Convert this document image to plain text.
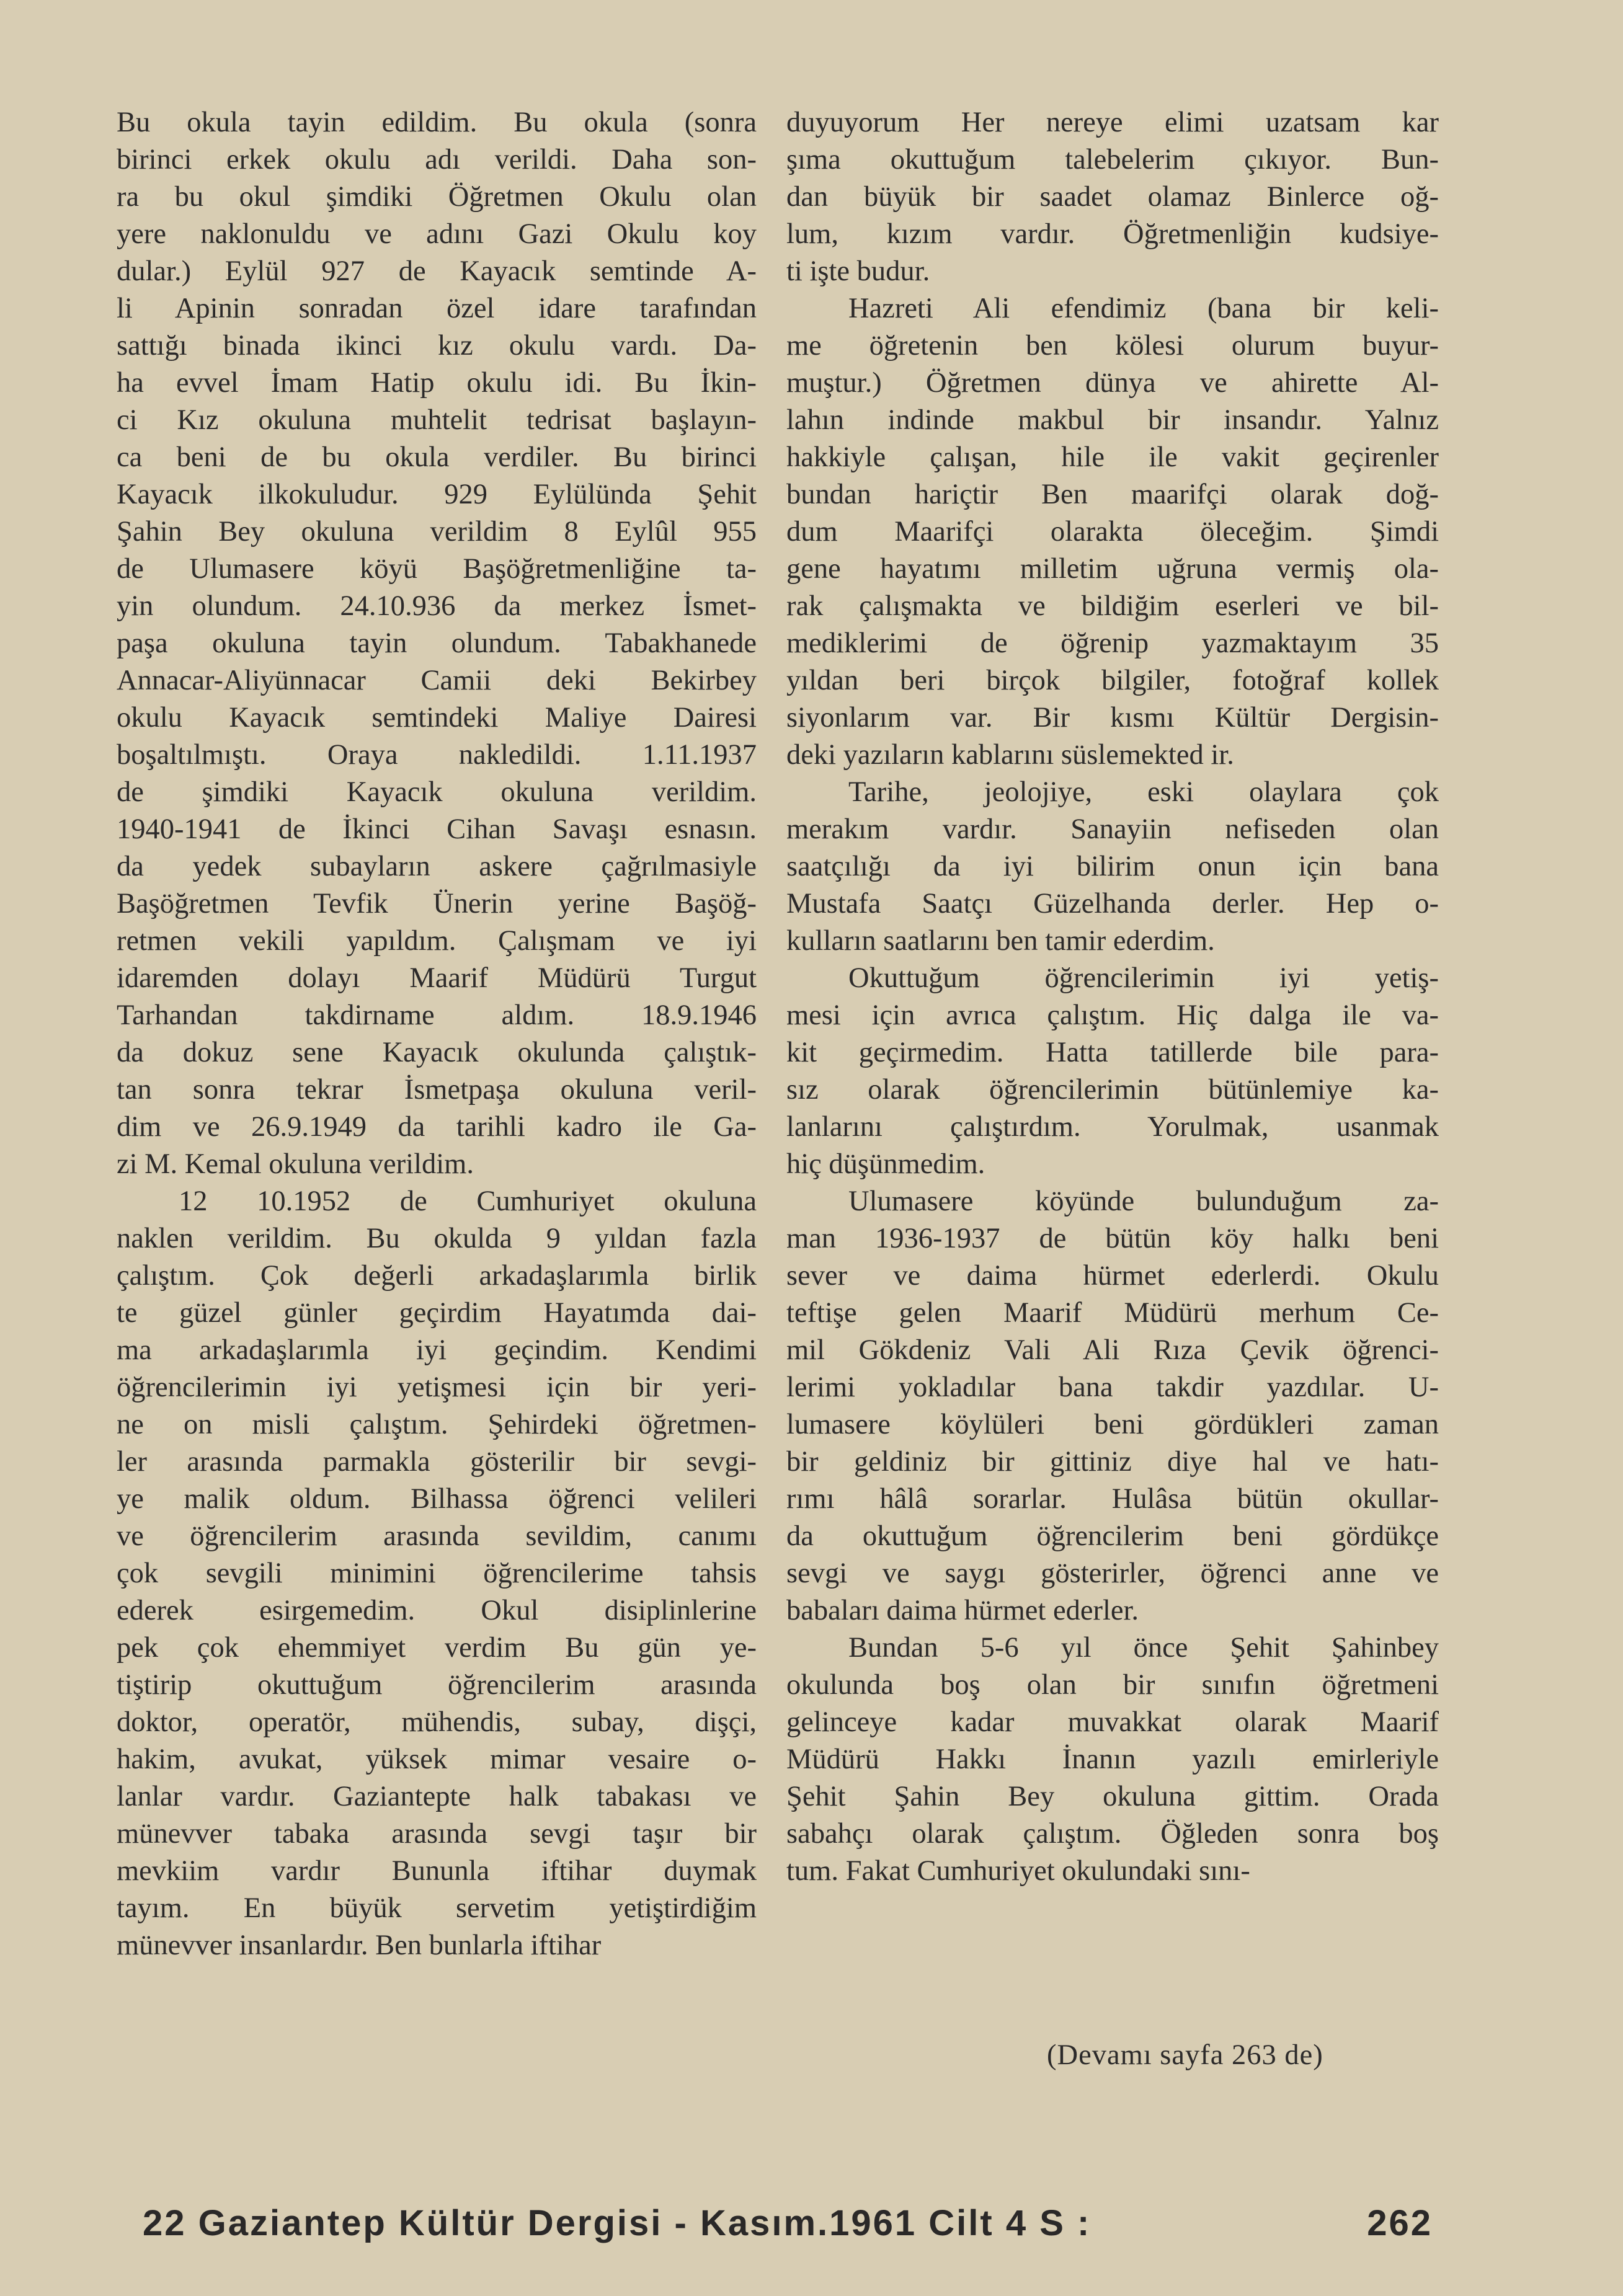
Bu okula tayin edildim. Bu okula (sonra
birinci erkek okulu adı verildi. Daha son-
ra bu okul şimdiki Öğretmen Okulu olan
yere naklonuldu ve adını Gazi Okulu koy
dular.) Eylül 927 de Kayacık semtinde A-
li Apinin sonradan özel idare tarafından
sattığı binada ikinci kız okulu vardı. Da-
ha evvel İmam Hatip okulu idi. Bu İkin-
ci Kız okuluna muhtelit tedrisat başlayın-
ca beni de bu okula verdiler. Bu birinci
Kayacık ilkokuludur. 929 Eylülünda Şehit
Şahin Bey okuluna verildim 8 Eylûl 955
de Ulumasere köyü Başöğretmenliğine ta-
yin olundum. 24.10.936 da merkez İsmet-
paşa okuluna tayin olundum. Tabakhanede
Annacar-Aliyünnacar Camii deki Bekirbey
okulu Kayacık semtindeki Maliye Dairesi
boşaltılmıştı. Oraya nakledildi. 1.11.1937
de şimdiki Kayacık okuluna verildim.
1940-1941 de İkinci Cihan Savaşı esnasın.
da yedek subayların askere çağrılmasiyle
Başöğretmen Tevfik Ünerin yerine Başöğ-
retmen vekili yapıldım. Çalışmam ve iyi
idaremden dolayı Maarif Müdürü Turgut
Tarhandan takdirname aldım. 18.9.1946
da dokuz sene Kayacık okulunda çalıştık-
tan sonra tekrar İsmetpaşa okuluna veril-
dim ve 26.9.1949 da tarihli kadro ile Ga-
zi M. Kemal okuluna verildim.
12 10.1952 de Cumhuriyet okuluna
naklen verildim. Bu okulda 9 yıldan fazla
çalıştım. Çok değerli arkadaşlarımla birlik
te güzel günler geçirdim Hayatımda dai-
ma arkadaşlarımla iyi geçindim. Kendimi
öğrencilerimin iyi yetişmesi için bir yeri-
ne on misli çalıştım. Şehirdeki öğretmen-
ler arasında parmakla gösterilir bir sevgi-
ye malik oldum. Bilhassa öğrenci velileri
ve öğrencilerim arasında sevildim, canımı
çok sevgili minimini öğrencilerime tahsis
ederek esirgemedim. Okul disiplinlerine
pek çok ehemmiyet verdim Bu gün ye-
tiştirip okuttuğum öğrencilerim arasında
doktor, operatör, mühendis, subay, dişçi,
hakim, avukat, yüksek mimar vesaire o-
lanlar vardır. Gaziantepte halk tabakası ve
münevver tabaka arasında sevgi taşır bir
mevkiim vardır Bununla iftihar duymak
tayım. En büyük servetim yetiştirdiğim
münevver insanlardır. Ben bunlarla iftihar
duyuyorum Her nereye elimi uzatsam kar
şıma okuttuğum talebelerim çıkıyor. Bun-
dan büyük bir saadet olamaz Binlerce oğ-
lum, kızım vardır. Öğretmenliğin kudsiye-
ti işte budur.
Hazreti Ali efendimiz (bana bir keli-
me öğretenin ben kölesi olurum buyur-
muştur.) Öğretmen dünya ve ahirette Al-
lahın indinde makbul bir insandır. Yalnız
hakkiyle çalışan, hile ile vakit geçirenler
bundan hariçtir Ben maarifçi olarak doğ-
dum Maarifçi olarakta öleceğim. Şimdi
gene hayatımı milletim uğruna vermiş ola-
rak çalışmakta ve bildiğim eserleri ve bil-
mediklerimi de öğrenip yazmaktayım 35
yıldan beri birçok bilgiler, fotoğraf kollek
siyonlarım var. Bir kısmı Kültür Dergisin-
deki yazıların kablarını süslemekted ir.
Tarihe, jeolojiye, eski olaylara çok
merakım vardır. Sanayiin nefiseden olan
saatçılığı da iyi bilirim onun için bana
Mustafa Saatçı Güzelhanda derler. Hep o-
kulların saatlarını ben tamir ederdim.
Okuttuğum öğrencilerimin iyi yetiş-
mesi için avrıca çalıştım. Hiç dalga ile va-
kit geçirmedim. Hatta tatillerde bile para-
sız olarak öğrencilerimin bütünlemiye ka-
lanlarını çalıştırdım. Yorulmak, usanmak
hiç düşünmedim.
Ulumasere köyünde bulunduğum za-
man 1936-1937 de bütün köy halkı beni
sever ve daima hürmet ederlerdi. Okulu
teftişe gelen Maarif Müdürü merhum Ce-
mil Gökdeniz Vali Ali Rıza Çevik öğrenci-
lerimi yokladılar bana takdir yazdılar. U-
lumasere köylüleri beni gördükleri zaman
bir geldiniz bir gittiniz diye hal ve hatı-
rımı hâlâ sorarlar. Hulâsa bütün okullar-
da okuttuğum öğrencilerim beni gördükçe
sevgi ve saygı gösterirler, öğrenci anne ve
babaları daima hürmet ederler.
Bundan 5-6 yıl önce Şehit Şahinbey
okulunda boş olan bir sınıfın öğretmeni
gelinceye kadar muvakkat olarak Maarif
Müdürü Hakkı İnanın yazılı emirleriyle
Şehit Şahin Bey okuluna gittim. Orada
sabahçı olarak çalıştım. Öğleden sonra boş
tum. Fakat Cumhuriyet okulundaki sını-
(Devamı sayfa 263 de)
22 Gaziantep Kültür Dergisi - Kasım.1961 Cilt 4 S :	262
